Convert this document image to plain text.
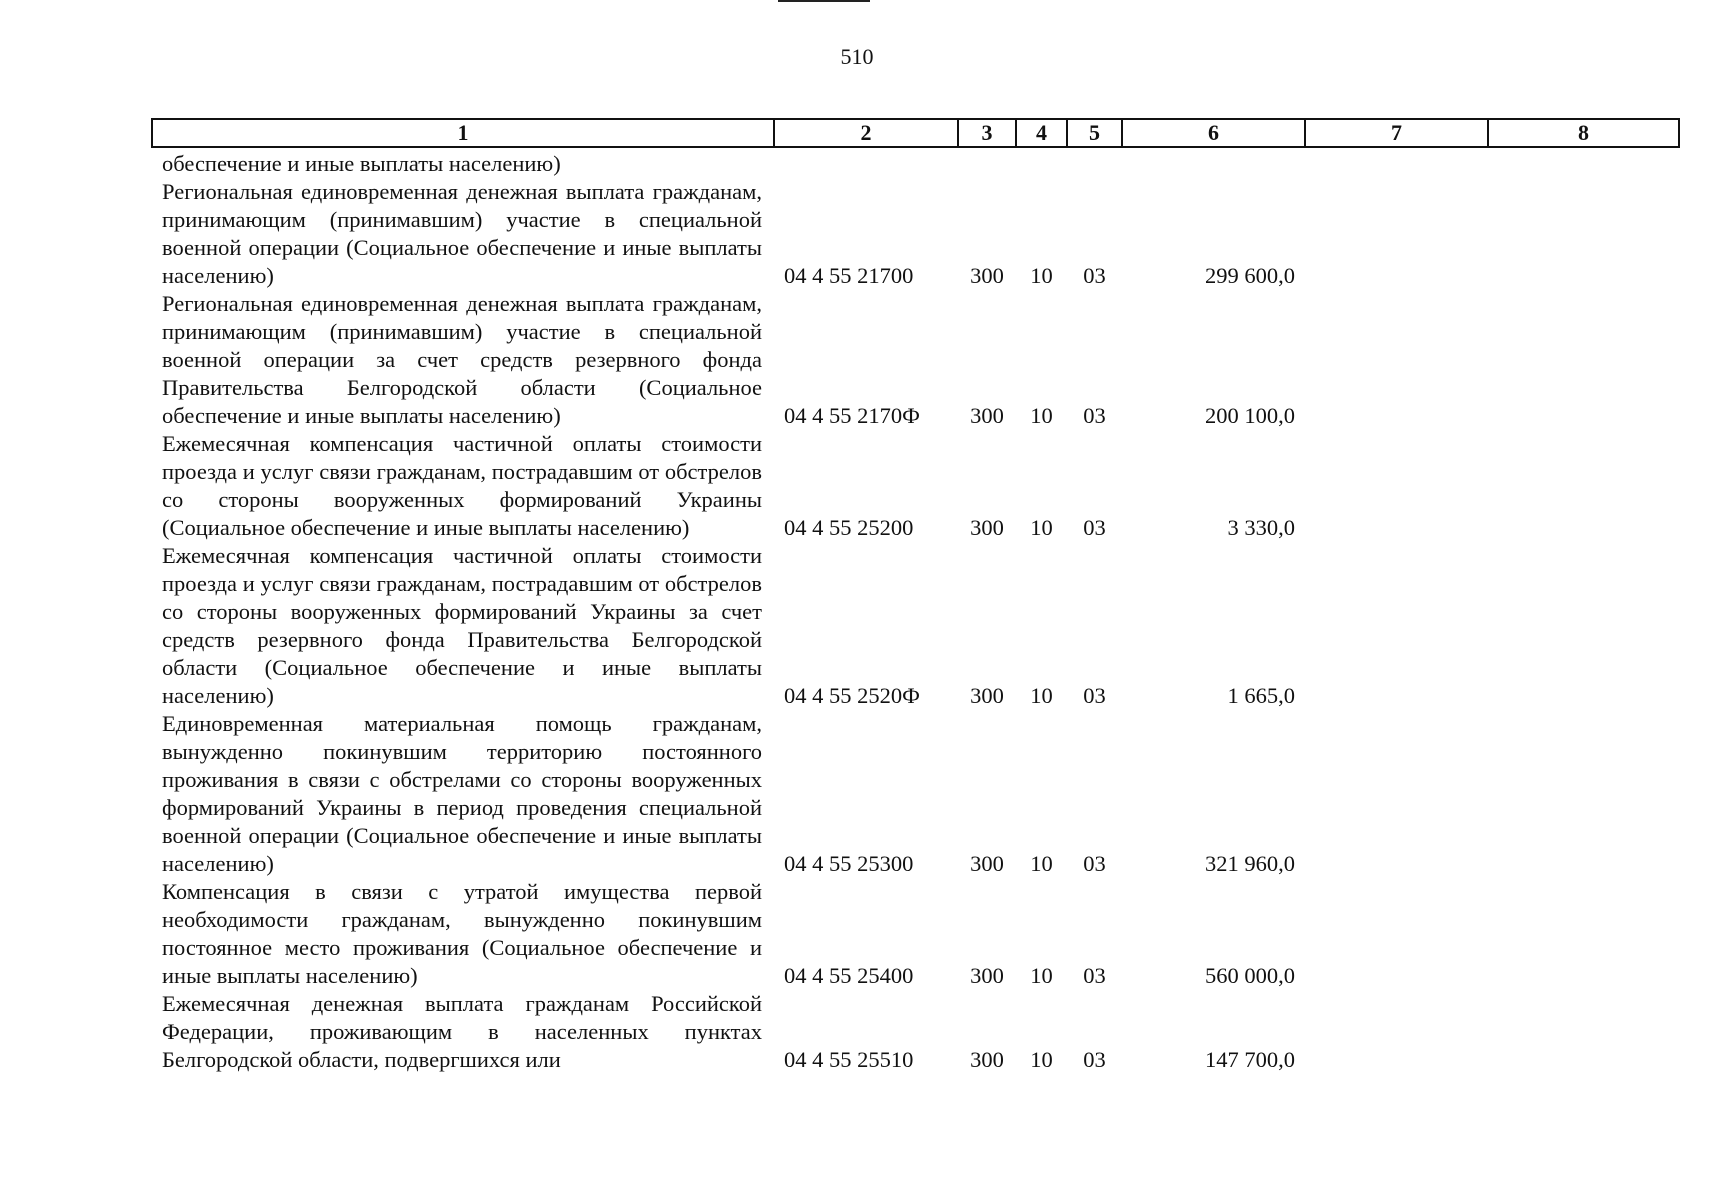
510
1	2	3	4	5	6	7	8
обеспечение и иные выплаты населению)							
Региональная единовременная денежная выплата гражданам, принимающим (принимавшим) участие в специальной военной операции (Социальное обеспечение и иные выплаты населению)	04 4 55 21700	300	10	03	299 600,0		
Региональная единовременная денежная выплата гражданам, принимающим (принимавшим) участие в специальной военной операции за счет средств резервного фонда Правительства Белгородской области (Социальное обеспечение и иные выплаты населению)	04 4 55 2170Ф	300	10	03	200 100,0		
Ежемесячная компенсация частичной оплаты стоимости проезда и услуг связи гражданам, пострадавшим от обстрелов со стороны вооруженных формирований Украины (Социальное обеспечение и иные выплаты населению)	04 4 55 25200	300	10	03	3 330,0		
Ежемесячная компенсация частичной оплаты стоимости проезда и услуг связи гражданам, пострадавшим от обстрелов со стороны вооруженных формирований Украины за счет средств резервного фонда Правительства Белгородской области (Социальное обеспечение и иные выплаты населению)	04 4 55 2520Ф	300	10	03	1 665,0		
Единовременная материальная помощь гражданам, вынужденно покинувшим территорию постоянного проживания в связи с обстрелами со стороны вооруженных формирований Украины в период проведения специальной военной операции (Социальное обеспечение и иные выплаты населению)	04 4 55 25300	300	10	03	321 960,0		
Компенсация в связи с утратой имущества первой необходимости гражданам, вынужденно покинувшим постоянное место проживания (Социальное обеспечение и иные выплаты населению)	04 4 55 25400	300	10	03	560 000,0		
Ежемесячная денежная выплата гражданам Российской Федерации, проживающим в населенных пунктах Белгородской области, подвергшихся или	04 4 55 25510	300	10	03	147 700,0		
